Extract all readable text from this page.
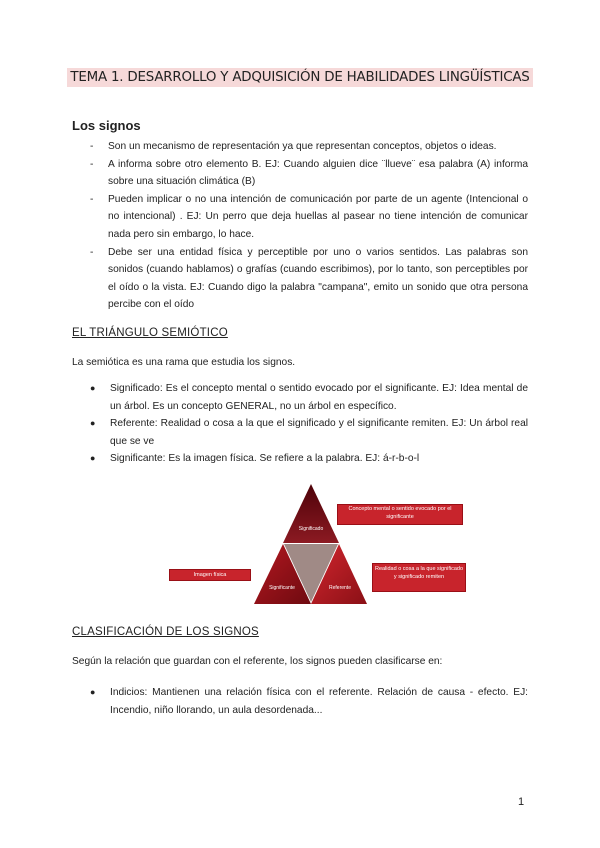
TEMA 1. DESARROLLO Y ADQUISICIÓN DE HABILIDADES LINGÜÍSTICAS
Los signos
- Son un mecanismo de representación ya que representan conceptos, objetos o ideas.
- A informa sobre otro elemento B. EJ: Cuando alguien dice ¨llueve¨ esa palabra (A) informa sobre una situación climática (B)
- Pueden implicar o no una intención de comunicación por parte de un agente (Intencional o no intencional) . EJ: Un perro que deja huellas al pasear no tiene intención de comunicar nada pero sin embargo, lo hace.
- Debe ser una entidad física y perceptible por uno o varios sentidos. Las palabras son sonidos (cuando hablamos) o grafías (cuando escribimos), por lo tanto, son perceptibles por el oído o la vista. EJ: Cuando digo la palabra "campana", emito un sonido que otra persona percibe con el oído
EL TRIÁNGULO SEMIÓTICO
La semiótica es una rama que estudia los signos.
● Significado: Es el concepto mental o sentido evocado por el significante. EJ: Idea mental de un árbol. Es un concepto GENERAL, no un árbol en específico.
● Referente: Realidad o cosa a la que el significado y el significante remiten. EJ: Un árbol real que se ve
● Significante: Es la imagen física. Se refiere a la palabra. EJ: á-r-b-o-l
Significado
Significante	Referente
Concepto mental o sentido evocado por el significante
Realidad o cosa a la que significado y significado remiten
Imagen física
CLASIFICACIÓN DE LOS SIGNOS
Según la relación que guardan con el referente, los signos pueden clasificarse en:
● Indicios: Mantienen una relación física con el referente. Relación de causa - efecto. EJ: Incendio, niño llorando, un aula desordenada...
1
